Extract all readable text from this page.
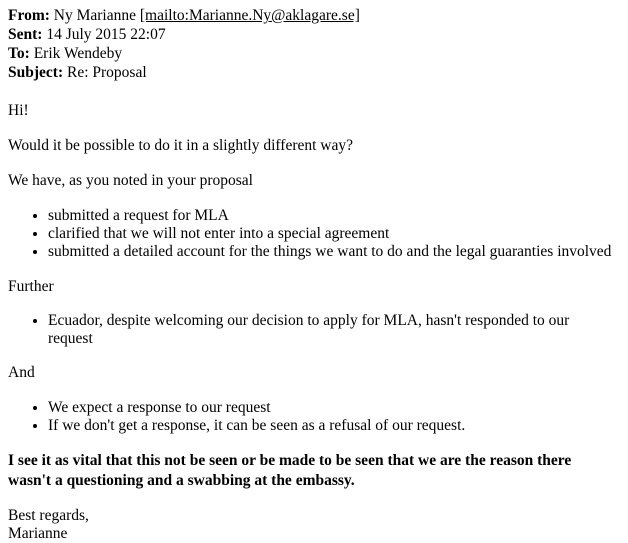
From: Ny Marianne [mailto:Marianne.Ny@aklagare.se]
Sent: 14 July 2015 22:07
To: Erik Wendeby
Subject: Re: Proposal

Hi!

Would it be possible to do it in a slightly different way?

We have, as you noted in your proposal

• submitted a request for MLA
• clarified that we will not enter into a special agreement
• submitted a detailed account for the things we want to do and the legal guaranties involved

Further

• Ecuador, despite welcoming our decision to apply for MLA, hasn't responded to our request

And

• We expect a response to our request
• If we don't get a response, it can be seen as a refusal of our request.

I see it as vital that this not be seen or be made to be seen that we are the reason there wasn't a questioning and a swabbing at the embassy.

Best regards,

Marianne
